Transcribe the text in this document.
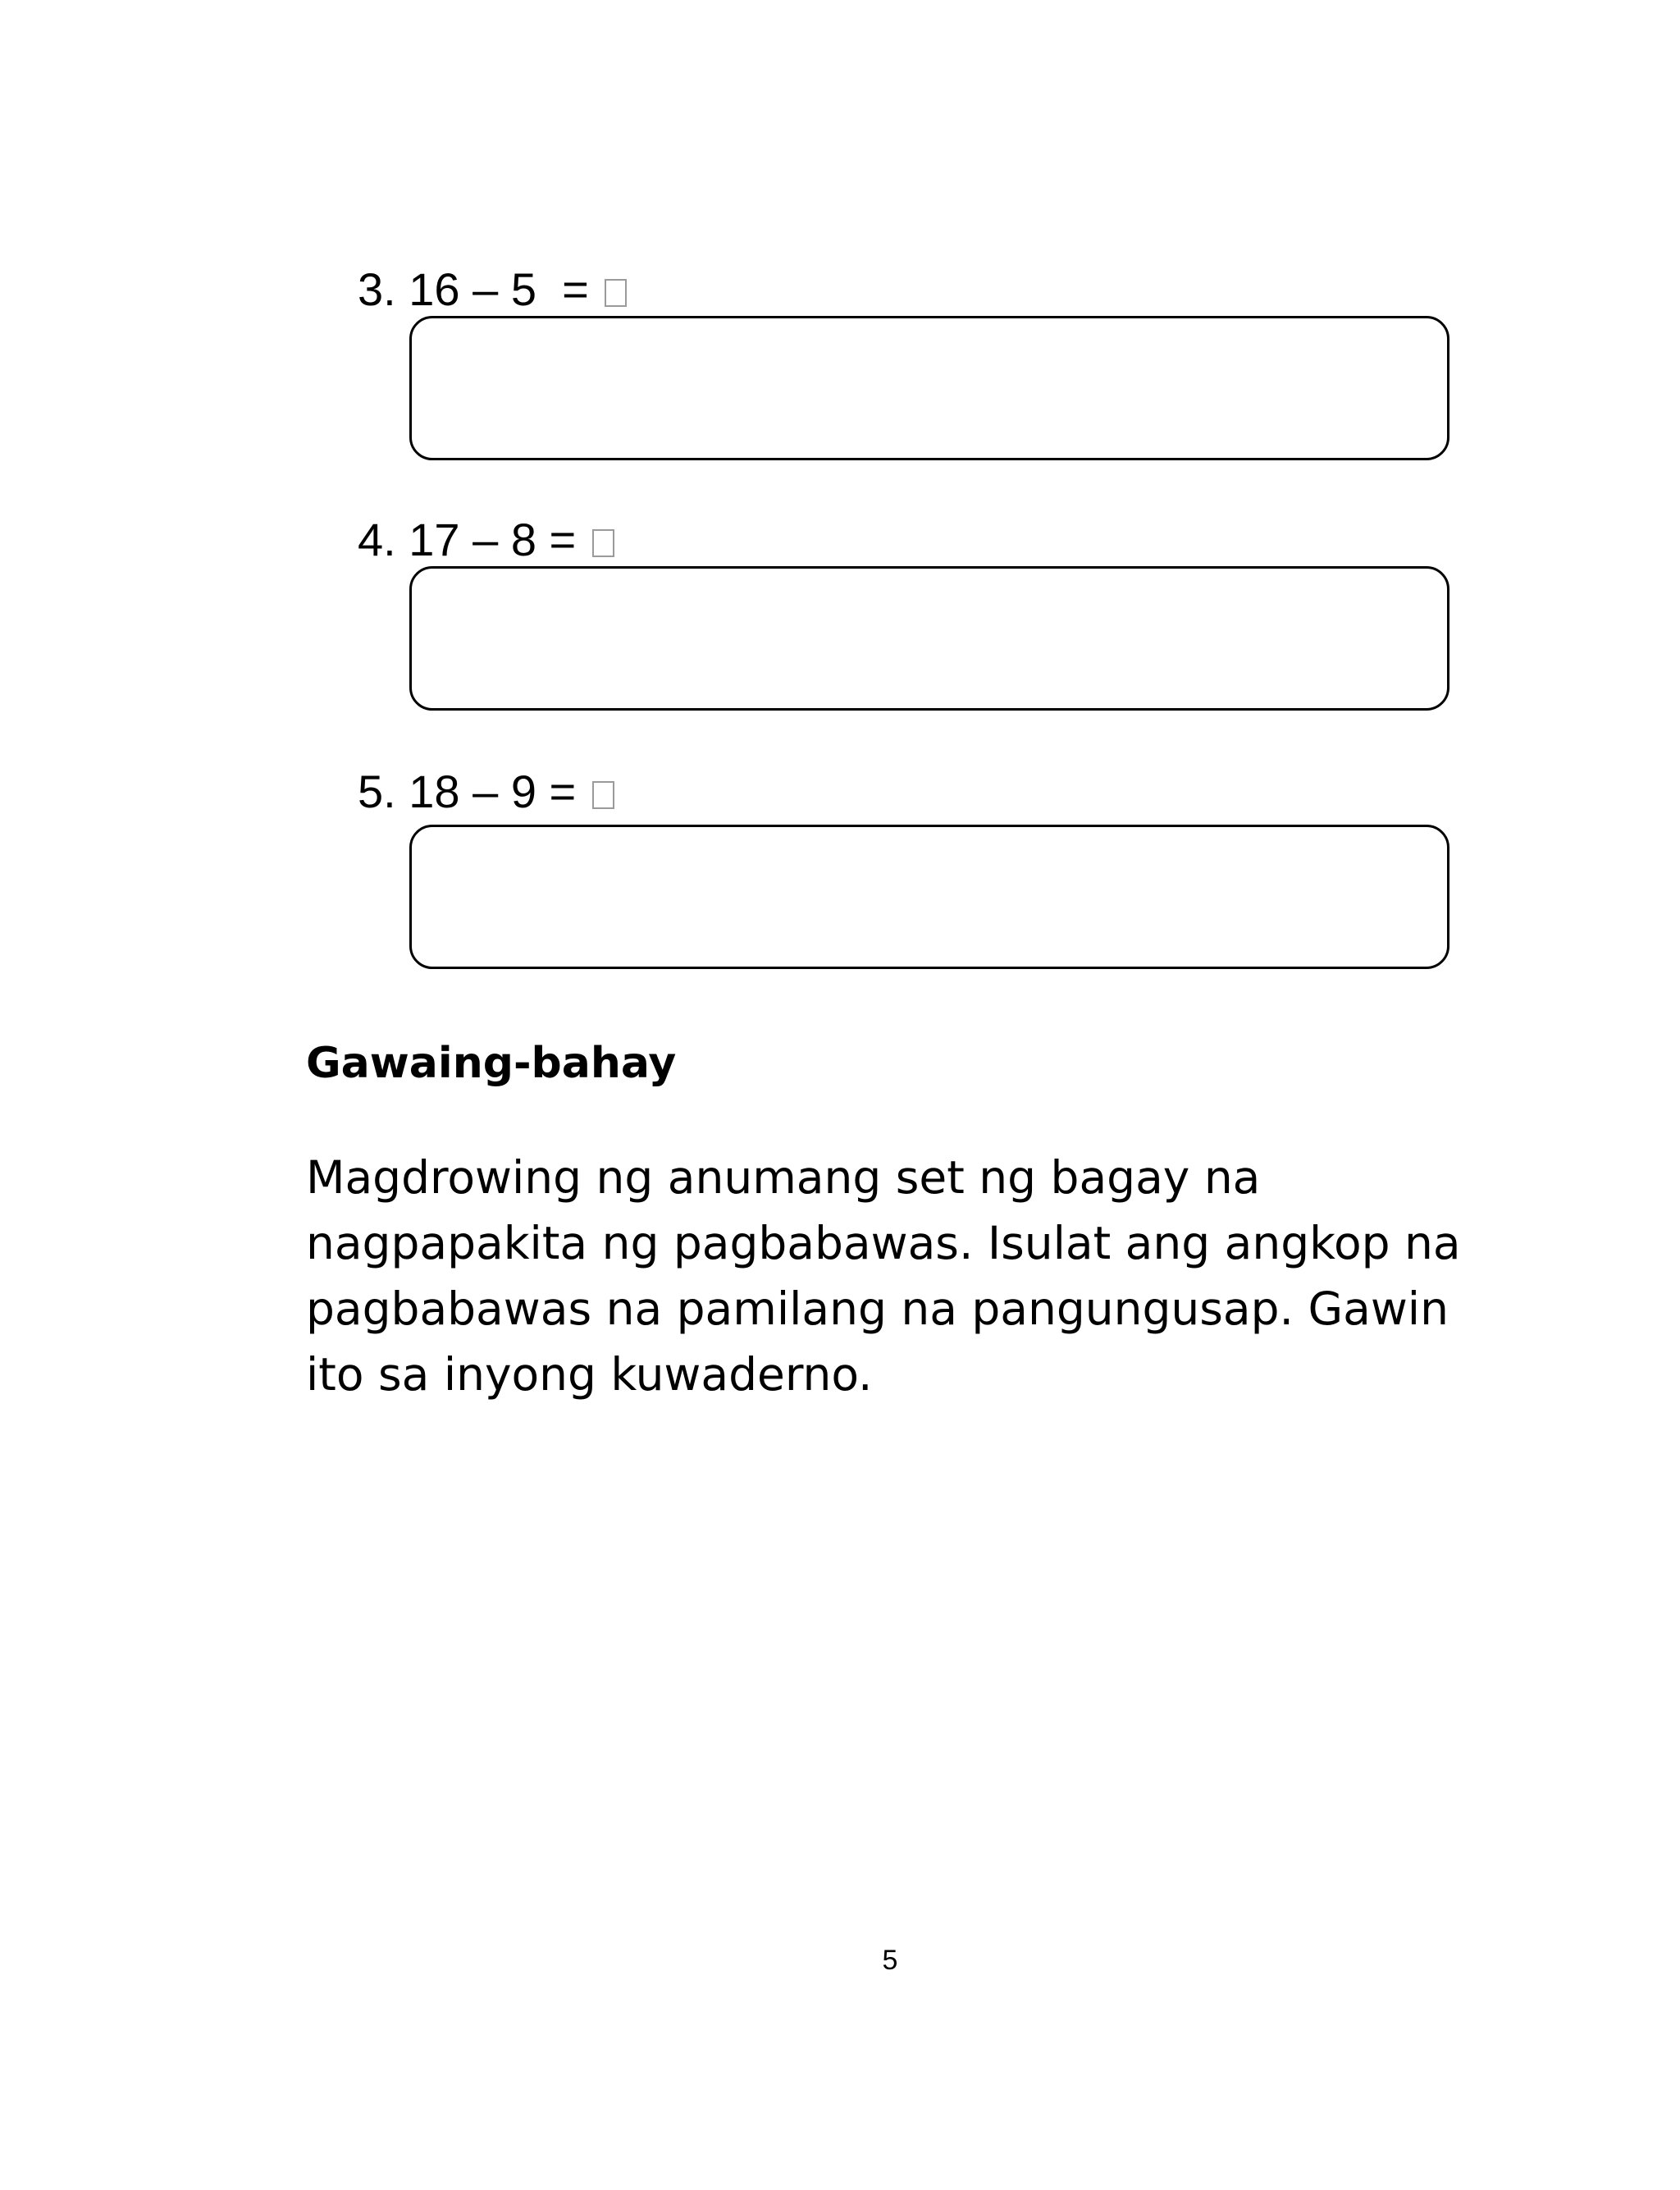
3.
16 – 5  =

4.
17 – 8 =

5.
18 – 9 =

Gawaing-bahay

Magdrowing ng anumang set ng bagay na nagpapakita ng pagbabawas. Isulat ang angkop na pagbabawas na pamilang na pangungusap. Gawin ito sa inyong kuwaderno.

5
